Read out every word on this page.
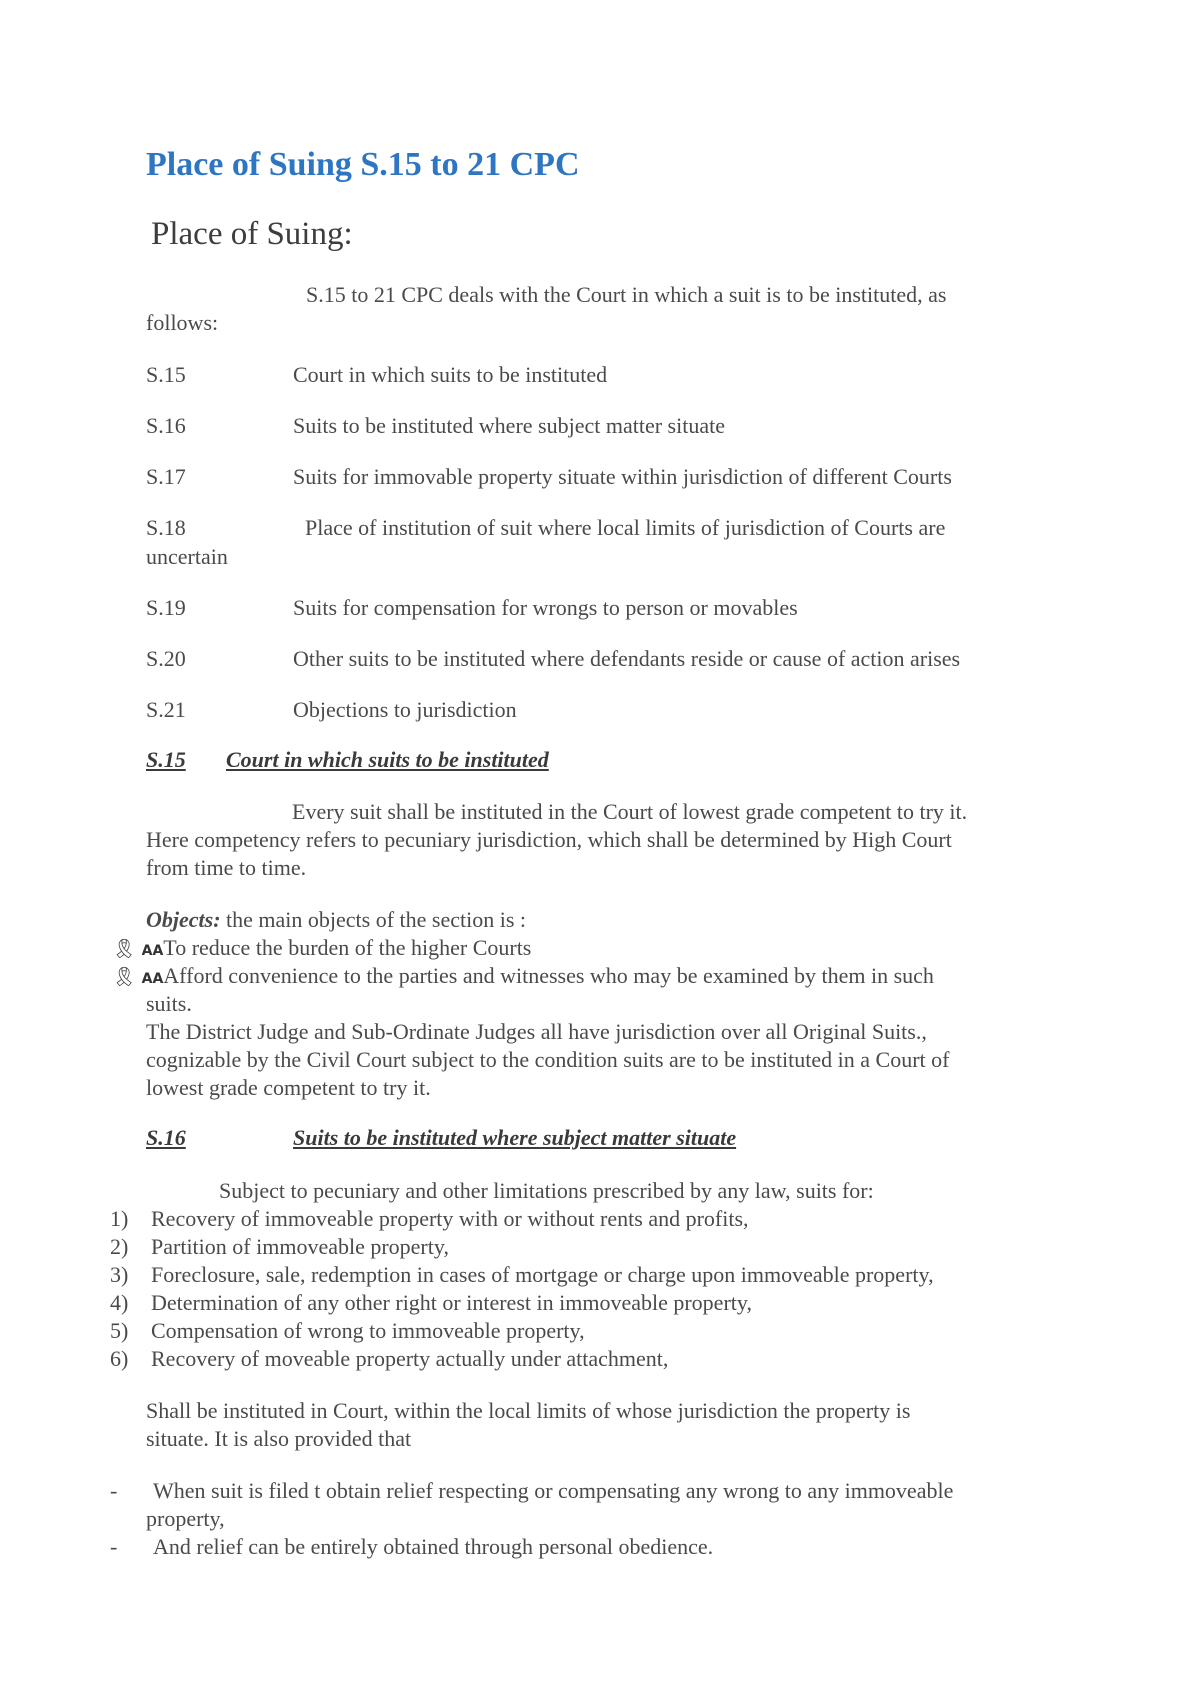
Place of Suing S.15 to 21 CPC
Place of Suing:
S.15 to 21 CPC deals with the Court in which a suit is to be instituted, as
follows:
S.15	Court in which suits to be instituted
S.16	Suits to be instituted where subject matter situate
S.17	Suits for immovable property situate within jurisdiction of different Courts
S.18	Place of institution of suit where local limits of jurisdiction of Courts are
uncertain
S.19	Suits for compensation for wrongs to person or movables
S.20	Other suits to be instituted where defendants reside or cause of action arises
S.21	Objections to jurisdiction
S.15 Court in which suits to be instituted
Every suit shall be instituted in the Court of lowest grade competent to try it.
Here competency refers to pecuniary jurisdiction, which shall be determined by High Court
from time to time.
Objects: the main objects of the section is :
🎗 AATo reduce the burden of the higher Courts
🎗 AAAfford convenience to the parties and witnesses who may be examined by them in such
suits.
The District Judge and Sub-Ordinate Judges all have jurisdiction over all Original Suits.,
cognizable by the Civil Court subject to the condition suits are to be instituted in a Court of
lowest grade competent to try it.
S.16	Suits to be instituted where subject matter situate
Subject to pecuniary and other limitations prescribed by any law, suits for:
1) Recovery of immoveable property with or without rents and profits,
2) Partition of immoveable property,
3) Foreclosure, sale, redemption in cases of mortgage or charge upon immoveable property,
4) Determination of any other right or interest in immoveable property,
5) Compensation of wrong to immoveable property,
6) Recovery of moveable property actually under attachment,
Shall be instituted in Court, within the local limits of whose jurisdiction the property is
situate. It is also provided that
- When suit is filed t obtain relief respecting or compensating any wrong to any immoveable
property,
- And relief can be entirely obtained through personal obedience.
